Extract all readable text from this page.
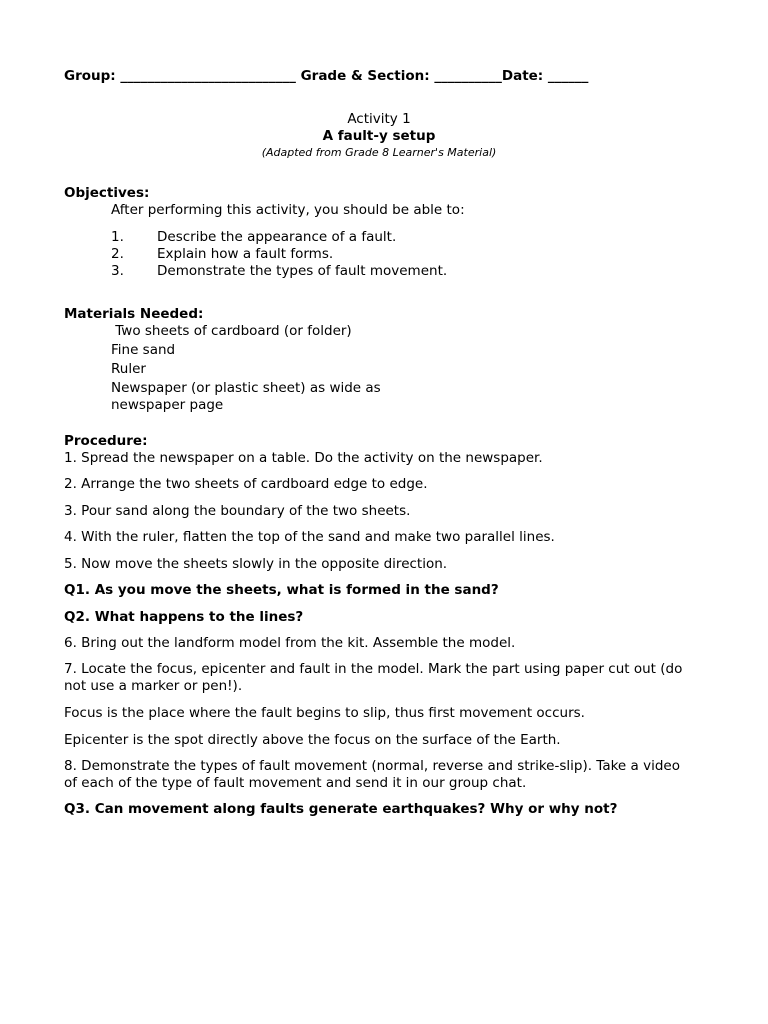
Group: __________________________ Grade & Section: __________Date: ______
Activity 1
A fault-y setup
(Adapted from Grade 8 Learner's Material)
Objectives:
After performing this activity, you should be able to:
1. Describe the appearance of a fault.
2. Explain how a fault forms.
3. Demonstrate the types of fault movement.
Materials Needed:
Two sheets of cardboard (or folder)
Fine sand
Ruler
Newspaper (or plastic sheet) as wide as
newspaper page
Procedure:
1. Spread the newspaper on a table. Do the activity on the newspaper.
2. Arrange the two sheets of cardboard edge to edge.
3. Pour sand along the boundary of the two sheets.
4. With the ruler, flatten the top of the sand and make two parallel lines.
5. Now move the sheets slowly in the opposite direction.
Q1. As you move the sheets, what is formed in the sand?
Q2. What happens to the lines?
6. Bring out the landform model from the kit. Assemble the model.
7. Locate the focus, epicenter and fault in the model. Mark the part using paper cut out (do not use a marker or pen!).
Focus is the place where the fault begins to slip, thus first movement occurs.
Epicenter is the spot directly above the focus on the surface of the Earth.
8. Demonstrate the types of fault movement (normal, reverse and strike-slip). Take a video of each of the type of fault movement and send it in our group chat.
Q3. Can movement along faults generate earthquakes? Why or why not?
